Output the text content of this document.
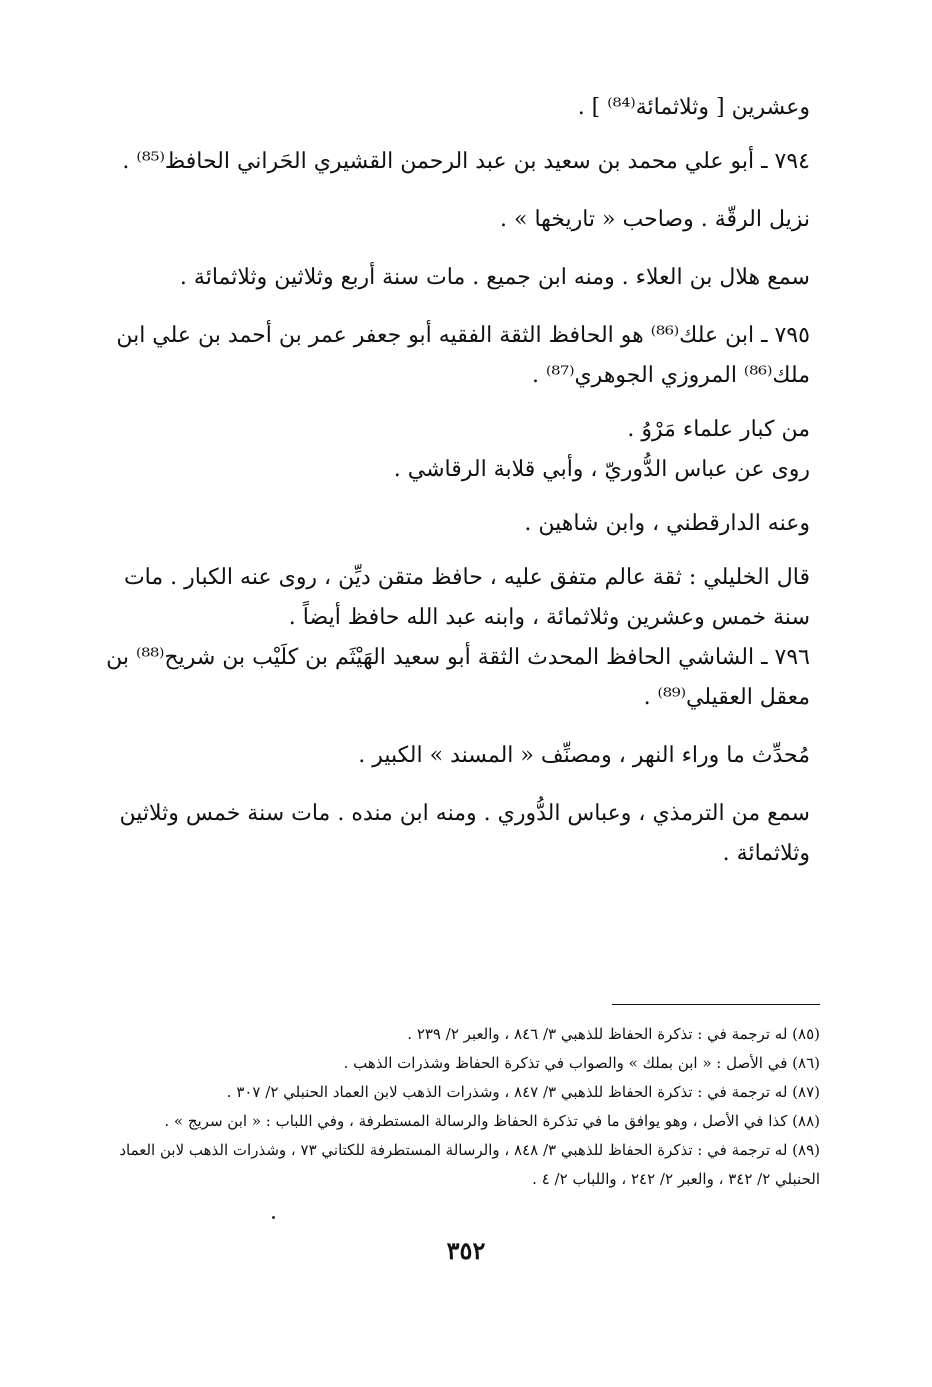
وعشرين [ وثلاثمائة⁽⁸⁴⁾ ] .

٧٩٤ ـ أبو علي محمد بن سعيد بن عبد الرحمن القشيري الحَراني الحافظ⁽⁸⁵⁾ .

نزيل الرقّة . وصاحب « تاريخها » .

سمع هلال بن العلاء . ومنه ابن جميع . مات سنة أربع وثلاثين وثلاثمائة .

٧٩٥ ـ ابن علك⁽⁸⁶⁾ هو الحافظ الثقة الفقيه أبو جعفر عمر بن أحمد بن علي ابن ملك⁽⁸⁶⁾ المروزي الجوهري⁽⁸⁷⁾ .

من كبار علماء مَرْوُ .

روى عن عباس الدُّوريّ ، وأبي قلابة الرقاشي .

وعنه الدارقطني ، وابن شاهين .

قال الخليلي : ثقة عالم متفق عليه ، حافظ متقن ديِّن ، روى عنه الكبار . مات سنة خمس وعشرين وثلاثمائة ، وابنه عبد الله حافظ أيضاً .

٧٩٦ ـ الشاشي الحافظ المحدث الثقة أبو سعيد الهَيْثَم بن كلَيْب بن شريح⁽⁸⁸⁾ بن معقل العقيلي⁽⁸⁹⁾ .

مُحدِّث ما وراء النهر ، ومصنِّف « المسند » الكبير .

سمع من الترمذي ، وعباس الدُّوري . ومنه ابن منده . مات سنة خمس وثلاثين وثلاثمائة .

(٨٥) له ترجمة في : تذكرة الحفاظ للذهبي ٣/ ٨٤٦ ، والعبر ٢/ ٢٣٩ .

(٨٦) في الأصل : « ابن بملك » والصواب في تذكرة الحفاظ وشذرات الذهب .

(٨٧) له ترجمة في : تذكرة الحفاظ للذهبي ٣/ ٨٤٧ ، وشذرات الذهب لابن العماد الحنبلي ٢/ ٣٠٧ .

(٨٨) كذا في الأصل ، وهو يوافق ما في تذكرة الحفاظ والرسالة المستطرفة ، وفي اللباب : « ابن سريج » .

(٨٩) له ترجمة في : تذكرة الحفاظ للذهبي ٣/ ٨٤٨ ، والرسالة المستطرفة للكتاني ٧٣ ، وشذرات الذهب لابن العماد الحنبلي ٢/ ٣٤٢ ، والعبر ٢/ ٢٤٢ ، واللباب ٢/ ٤ .

٣٥٢
